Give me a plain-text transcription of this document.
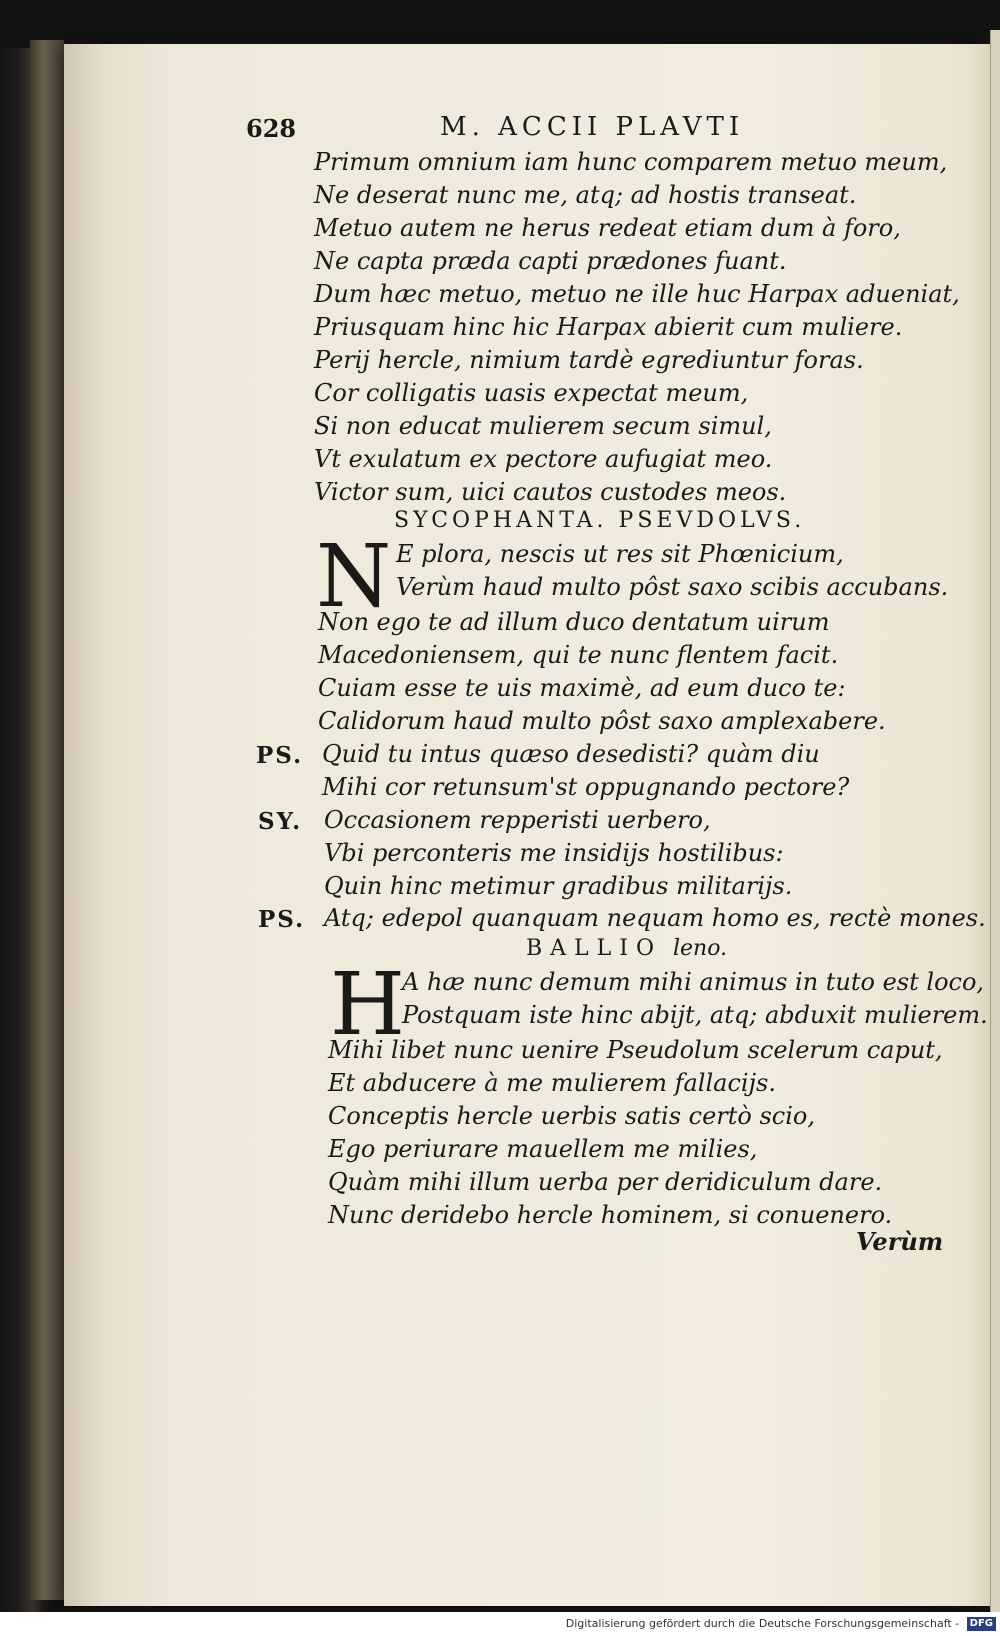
628	M. ACCII PLAVTI
Primum omnium iam hunc comparem metuo meum,
Ne deserat nunc me, atq; ad hostis transeat.
Metuo autem ne herus redeat etiam dum à foro,
Ne capta præda capti prædones fuant.
Dum hæc metuo, metuo ne ille huc Harpax adueniat,
Priusquam hinc hic Harpax abierit cum muliere.
Perij hercle, nimium tardè egrediuntur foras.
Cor colligatis uasis expectat meum,
Si non educat mulierem secum simul,
Vt exulatum ex pectore aufugiat meo.
Victor sum, uici cautos custodes meos.
SYCOPHANTA. PSEVDOLVS.
N E plora, nescis ut res sit Phœnicium,
Verùm haud multo pôst saxo scibis accubans.
Non ego te ad illum duco dentatum uirum
Macedoniensem, qui te nunc flentem facit.
Cuiam esse te uis maximè, ad eum duco te:
Calidorum haud multo pôst saxo amplexabere.
PS. Quid tu intus quæso desedisti? quàm diu
Mihi cor retunsum'st oppugnando pectore?
SY. Occasionem repperisti uerbero,
Vbi perconteris me insidijs hostilibus:
Quin hinc metimur gradibus militarijs.
PS. Atq; edepol quanquam nequam homo es, rectè mones.
BALLIO leno.
H
A hæ nunc demum mihi animus in tuto est loco,
Postquam iste hinc abijt, atq; abduxit mulierem.
Mihi libet nunc uenire Pseudolum scelerum caput,
Et abducere à me mulierem fallacijs.
Conceptis hercle uerbis satis certò scio,
Ego periurare mauellem me milies,
Quàm mihi illum uerba per deridiculum dare.
Nunc deridebo hercle hominem, si conuenero.
Verùm
Digitalisierung gefördert durch die Deutsche Forschungsgemeinschaft - DFG
